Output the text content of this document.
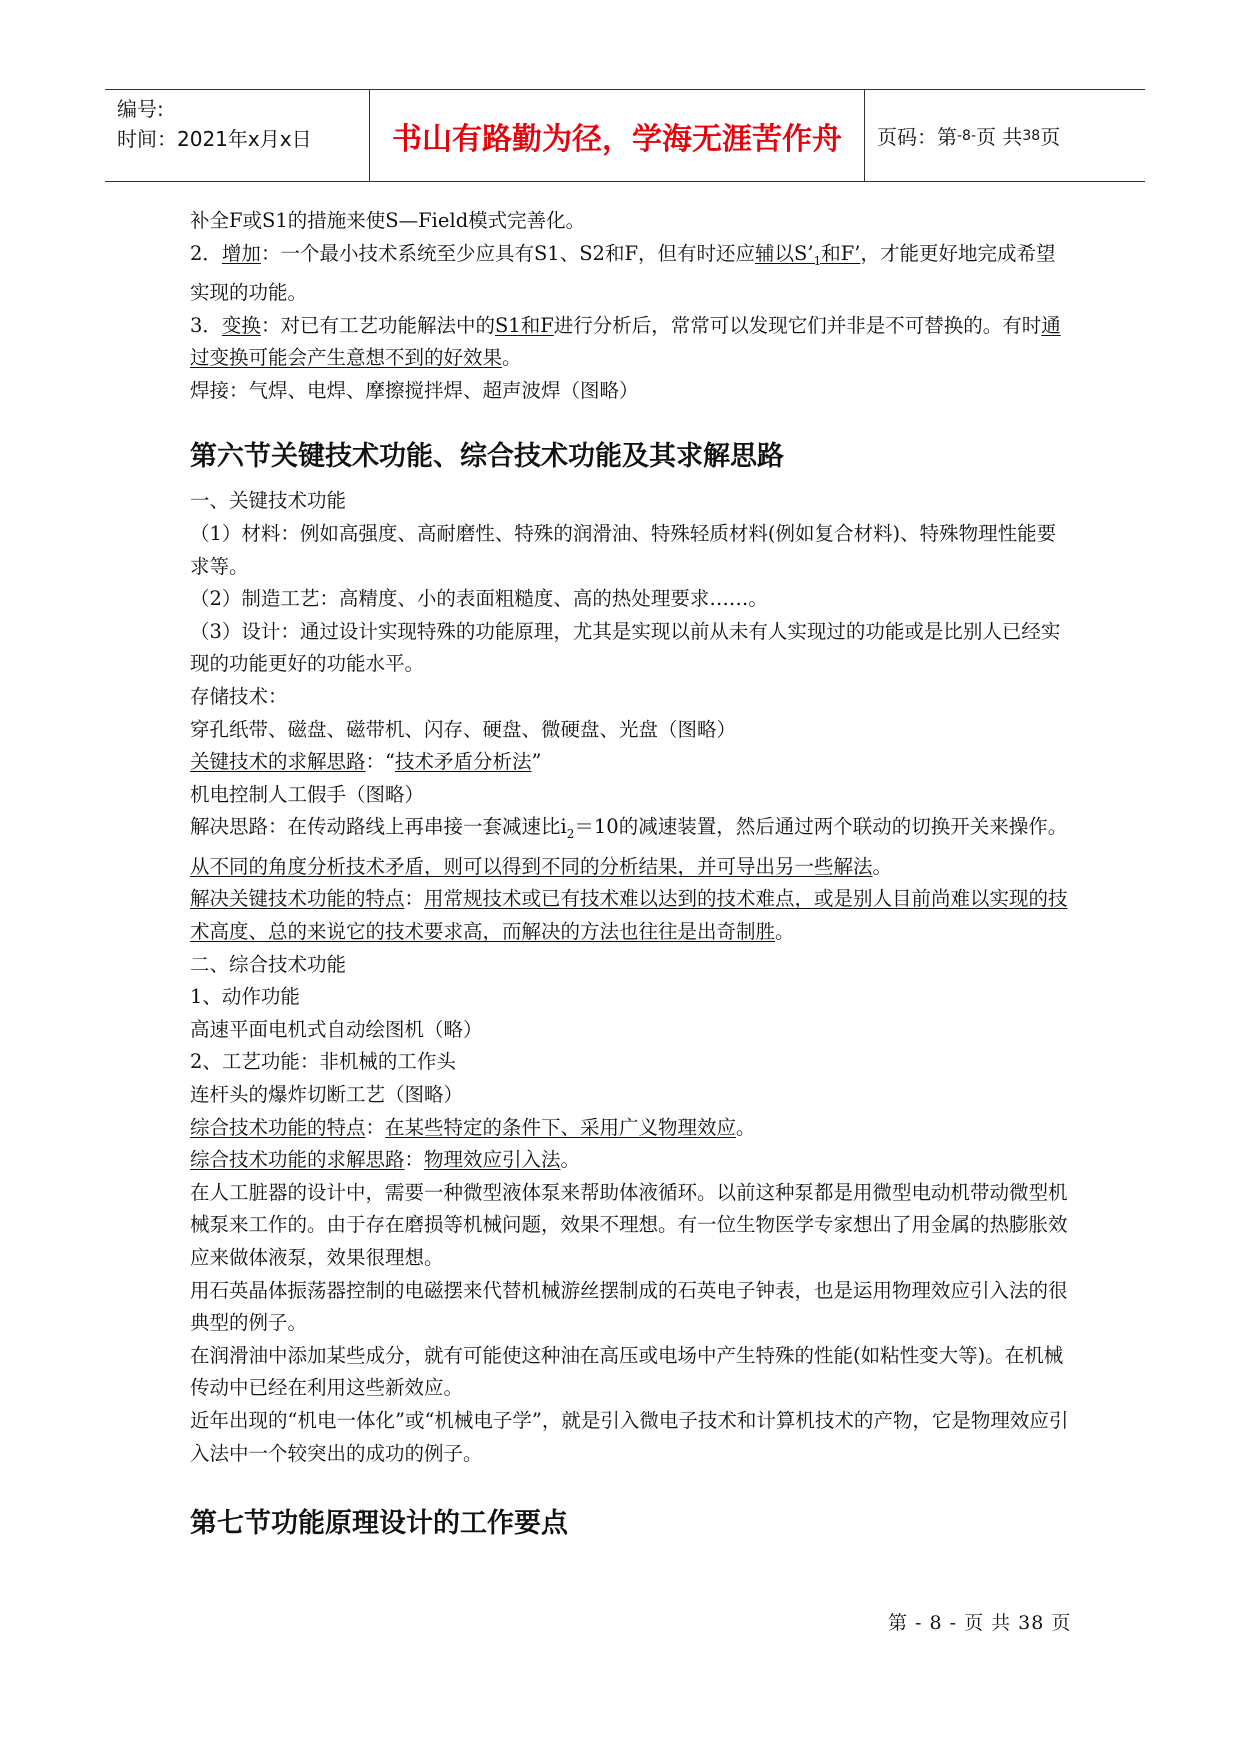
编号:
时间：2021年x月x日	书山有路勤为径，学海无涯苦作舟 页码：第 -8- 页 共 38 页

补全F或S1的措施来使S—Field模式完善化。

2．增加：一个最小技术系统至少应具有S1、S2和F，但有时还应辅以$S’_1$和F’，才能更好地完成希望实现的功能。

3．变换：对已有工艺功能解法中的S1和F进行分析后，常常可以发现它们并非是不可替换的。有时通过变换可能会产生意想不到的好效果。

焊接：气焊、电焊、摩擦搅拌焊、超声波焊（图略）

第六节关键技术功能、综合技术功能及其求解思路

一、关键技术功能

（1）材料：例如高强度、高耐磨性、特殊的润滑油、特殊轻质材料(例如复合材料)、特殊物理性能要求等。

（2）制造工艺：高精度、小的表面粗糙度、高的热处理要求……。

（3）设计：通过设计实现特殊的功能原理，尤其是实现以前从未有人实现过的功能或是比别人已经实现的功能更好的功能水平。

存储技术：

穿孔纸带、磁盘、磁带机、闪存、硬盘、微硬盘、光盘（图略）

关键技术的求解思路：“技术矛盾分析法”

机电控制人工假手（图略）

解决思路：在传动路线上再串接一套减速比$i_2=10$的减速装置，然后通过两个联动的切换开关来操作。

从不同的角度分析技术矛盾，则可以得到不同的分析结果，并可导出另一些解法。

解决关键技术功能的特点：用常规技术或已有技术难以达到的技术难点，或是别人目前尚难以实现的技术高度、总的来说它的技术要求高，而解决的方法也往往是出奇制胜。

二、综合技术功能

1、动作功能

高速平面电机式自动绘图机（略）

2、工艺功能：非机械的工作头

连杆头的爆炸切断工艺（图略）

综合技术功能的特点：在某些特定的条件下、采用广义物理效应。

综合技术功能的求解思路：物理效应引入法。

在人工脏器的设计中，需要一种微型液体泵来帮助体液循环。以前这种泵都是用微型电动机带动微型机械泵来工作的。由于存在磨损等机械问题，效果不理想。有一位生物医学专家想出了用金属的热膨胀效应来做体液泵，效果很理想。

用石英晶体振荡器控制的电磁摆来代替机械游丝摆制成的石英电子钟表，也是运用物理效应引入法的很典型的例子。

在润滑油中添加某些成分，就有可能使这种油在高压或电场中产生特殊的性能(如粘性变大等)。在机械传动中已经在利用这些新效应。

近年出现的“机电一体化”或“机械电子学”，就是引入微电子技术和计算机技术的产物，它是物理效应引入法中一个较突出的成功的例子。

第七节功能原理设计的工作要点

第 - 8 - 页 共 38 页
